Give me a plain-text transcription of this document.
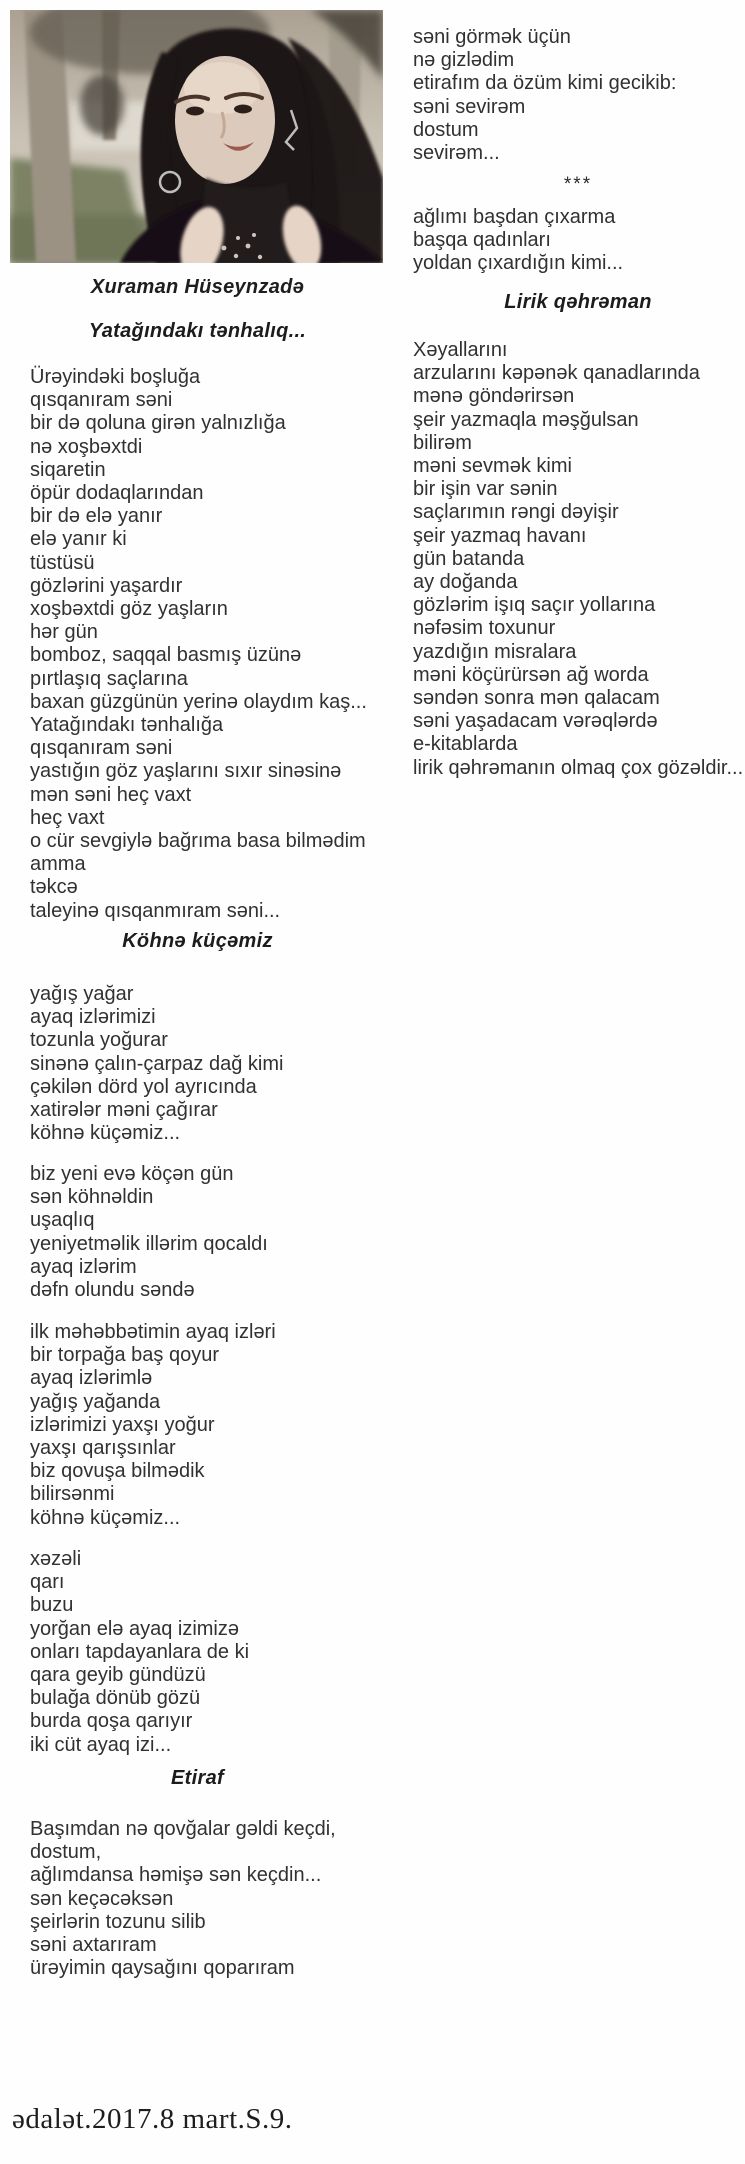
Xuraman Hüseynzadə
Yatağındakı tənhalıq...
Ürəyindəki boşluğa
qısqanıram səni
bir də qoluna girən yalnızlığa
nə xoşbəxtdi
siqaretin
öpür dodaqlarından
bir də elə yanır
elə yanır ki
tüstüsü
gözlərini yaşardır
xoşbəxtdi göz yaşların
hər gün
bomboz, saqqal basmış üzünə
pırtlaşıq saçlarına
baxan güzgünün yerinə olaydım kaş...
Yatağındakı tənhalığa
qısqanıram səni
yastığın göz yaşlarını sıxır sinəsinə
mən səni heç vaxt
heç vaxt
o cür sevgiylə bağrıma basa bilmədim
amma
təkcə
taleyinə qısqanmıram səni...
Köhnə küçəmiz
yağış yağar
ayaq izlərimizi
tozunla yoğurar
sinənə çalın-çarpaz dağ kimi
çəkilən dörd yol ayrıcında
xatirələr məni çağırar
köhnə küçəmiz...
biz yeni evə köçən gün
sən köhnəldin
uşaqlıq
yeniyetməlik illərim qocaldı
ayaq izlərim
dəfn olundu səndə
ilk məhəbbətimin ayaq izləri
bir torpağa baş qoyur
ayaq izlərimlə
yağış yağanda
izlərimizi yaxşı yoğur
yaxşı qarışsınlar
biz qovuşa bilmədik
bilirsənmi
köhnə küçəmiz...
xəzəli
qarı
buzu
yorğan elə ayaq izimizə
onları tapdayanlara de ki
qara geyib gündüzü
bulağa dönüb gözü
burda qoşa qarıyır
iki cüt ayaq izi...
Etiraf
Başımdan nə qovğalar gəldi keçdi,
dostum,
ağlımdansa həmişə sən keçdin...
sən keçəcəksən
şeirlərin tozunu silib
səni axtarıram
ürəyimin qaysağını qoparıram
səni görmək üçün
nə gizlədim
etirafım da özüm kimi gecikib:
səni sevirəm
dostum
sevirəm...
***
ağlımı başdan çıxarma
başqa qadınları
yoldan çıxardığın kimi...
Lirik qəhrəman
Xəyallarını
arzularını kəpənək qanadlarında
mənə göndərirsən
şeir yazmaqla məşğulsan
bilirəm
məni sevmək kimi
bir işin var sənin
saçlarımın rəngi dəyişir
şeir yazmaq havanı
gün batanda
ay doğanda
gözlərim işıq saçır yollarına
nəfəsim toxunur
yazdığın misralara
məni köçürürsən ağ worda
səndən sonra mən qalacam
səni yaşadacam vərəqlərdə
e-kitablarda
lirik qəhrəmanın olmaq çox gözəldir...
ədalət.2017.8 mart.S.9.
